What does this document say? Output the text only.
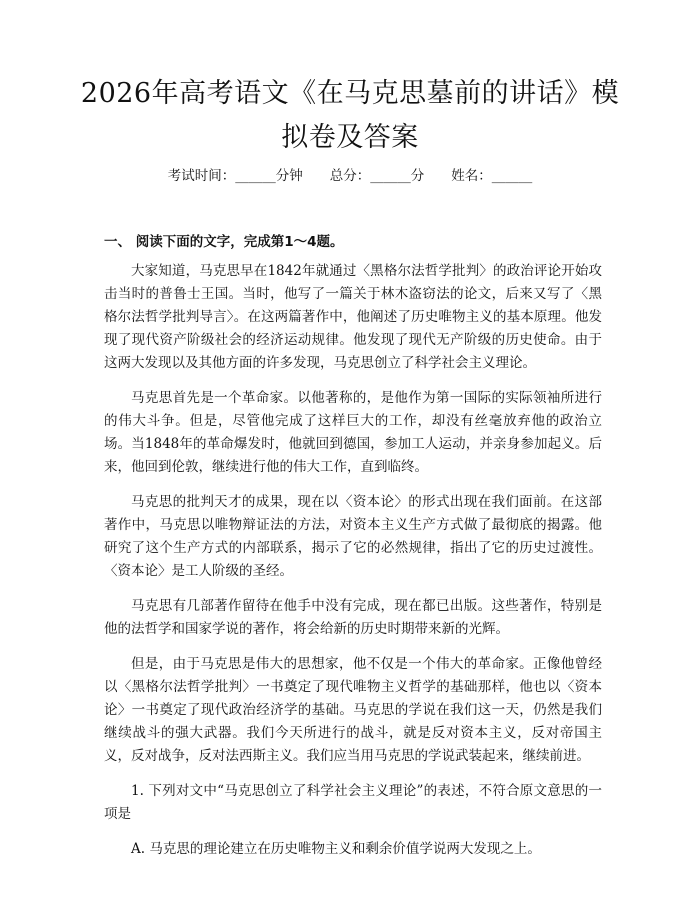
2026年高考语文《在马克思墓前的讲话》模拟卷及答案
考试时间：______分钟　　总分：______分　　姓名：______
一、 阅读下面的文字，完成第1～4题。

大家知道，马克思早在1842年就通过〈黑格尔法哲学批判〉的政治评论开始攻击当时的普鲁士王国。当时，他写了一篇关于林木盗窃法的论文，后来又写了〈黑格尔法哲学批判导言〉。在这两篇著作中，他阐述了历史唯物主义的基本原理。他发现了现代资产阶级社会的经济运动规律。他发现了现代无产阶级的历史使命。由于这两大发现以及其他方面的许多发现，马克思创立了科学社会主义理论。

马克思首先是一个革命家。以他著称的，是他作为第一国际的实际领袖所进行的伟大斗争。但是，尽管他完成了这样巨大的工作，却没有丝毫放弃他的政治立场。当1848年的革命爆发时，他就回到德国，参加工人运动，并亲身参加起义。后来，他回到伦敦，继续进行他的伟大工作，直到临终。

马克思的批判天才的成果，现在以〈资本论〉的形式出现在我们面前。在这部著作中，马克思以唯物辩证法的方法，对资本主义生产方式做了最彻底的揭露。他研究了这个生产方式的内部联系，揭示了它的必然规律，指出了它的历史过渡性。〈资本论〉是工人阶级的圣经。

马克思有几部著作留待在他手中没有完成，现在都已出版。这些著作，特别是他的法哲学和国家学说的著作，将会给新的历史时期带来新的光辉。

但是，由于马克思是伟大的思想家，他不仅是一个伟大的革命家。正像他曾经以〈黑格尔法哲学批判〉一书奠定了现代唯物主义哲学的基础那样，他也以〈资本论〉一书奠定了现代政治经济学的基础。马克思的学说在我们这一天，仍然是我们继续战斗的强大武器。我们今天所进行的战斗，就是反对资本主义，反对帝国主义，反对战争，反对法西斯主义。我们应当用马克思的学说武装起来，继续前进。

1. 下列对文中“马克思创立了科学社会主义理论”的表述，不符合原文意思的一项是

A. 马克思的理论建立在历史唯物主义和剩余价值学说两大发现之上。
